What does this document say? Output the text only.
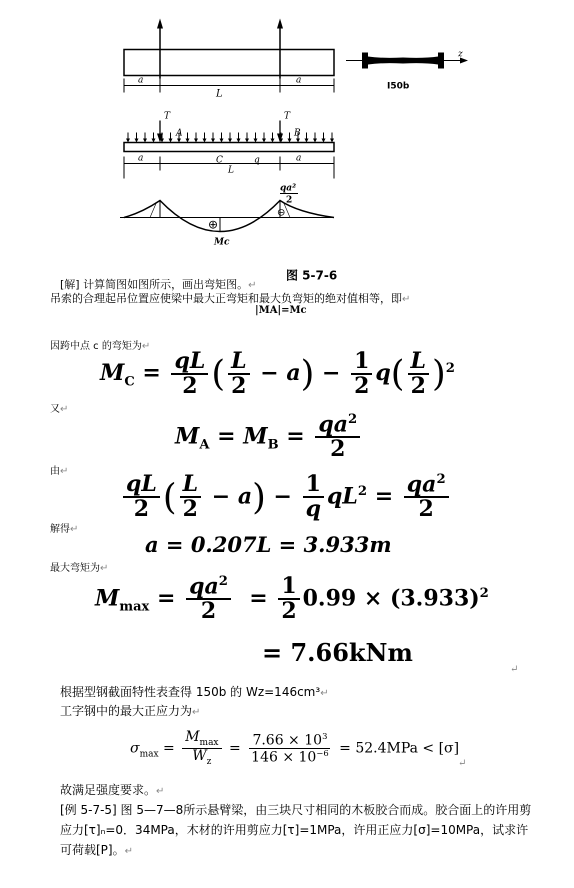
a
L
a
z
I50b
T	T
A	B
C	q
a
L
a
⊕
⊖
qa²
2
Mc
图 5-7-6
[解] 计算简图如图所示，画出弯矩图。↵
吊索的合理起吊位置应使梁中最大正弯矩和最大负弯矩的绝对值相等，即↵
|MA|=Mc
因跨中点 c 的弯矩为↵
$M_C = \frac{qL}{2}$ ( $\frac{L}{2} - a) - \frac{1}{2} q( \frac{L}{2} )^2$
又↵
$M_A = M_B = \frac{qa^2}{2}$
由↵
$\frac{qL}{2}$ ( $\frac{L}{2} - a) - \frac{1}{q} qL^2 = \frac{qa^2}{2}$
解得↵
a = 0.207L = 3.933m
最大弯矩为↵
$M_{max} = \frac{qa^2}{2} = \frac{1}{2} 0.99 \times (3.933)^2$
= 7.66kNm
↵
根据型钢截面特性表查得 150b 的 Wz=146cm³↵
工字钢中的最大正应力为↵
$\sigma_{max} = \frac{M_{max}}{W_z} = \frac{7.66 \times 10^3}{146 \times 10^{-6}} = 52.4MPa < [\sigma]$
↵
故满足强度要求。↵
[例 5-7-5] 图 5—7—8所示悬臂梁，由三块尺寸相同的木板胶合而成。胶合面上的许用剪应力[τ]ₙ=0．34MPa，木材的许用剪应力[τ]=1MPa，许用正应力[σ]=10MPa，试求许可荷载[P]。↵
